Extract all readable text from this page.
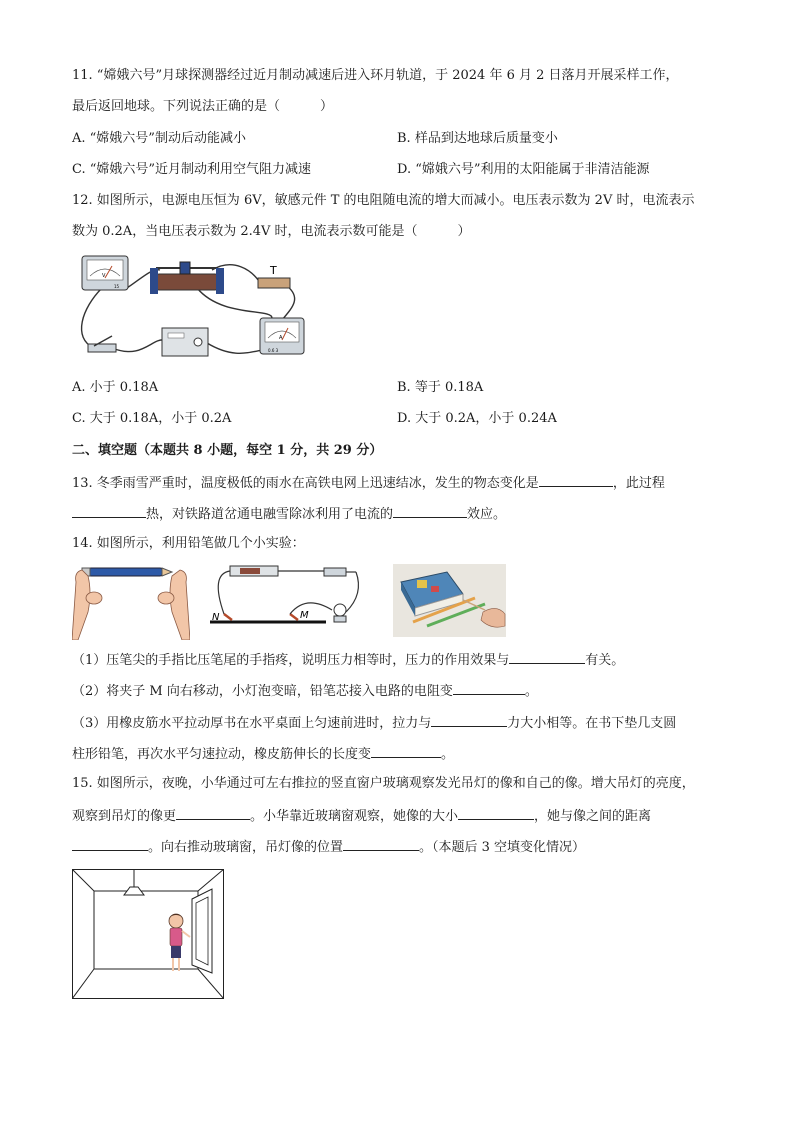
11. “嫦娥六号”月球探测器经过近月制动减速后进入环月轨道，于 2024 年 6 月 2 日落月开展采样工作，
最后返回地球。下列说法正确的是（	）
A. “嫦娥六号”制动后动能减小	B. 样品到达地球后质量变小
C. “嫦娥六号”近月制动利用空气阻力减速	D. “嫦娥六号”利用的太阳能属于非清洁能源
12. 如图所示，电源电压恒为 6V，敏感元件 T 的电阻随电流的增大而减小。电压表示数为 2V 时，电流表示
数为 0.2A，当电压表示数为 2.4V 时，电流表示数可能是（	）
V
15
T
A
0.6 3
A. 小于 0.18A	B. 等于 0.18A
C. 大于 0.18A，小于 0.2A	D. 大于 0.2A，小于 0.24A
二、填空题（本题共 8 小题，每空 1 分，共 29 分）
13. 冬季雨雪严重时，温度极低的雨水在高铁电网上迅速结冰，发生的物态变化是	，此过程
热，对铁路道岔通电融雪除冰利用了电流的	效应。
14. 如图所示，利用铅笔做几个小实验：
N	M
（1）压笔尖的手指比压笔尾的手指疼，说明压力相等时，压力的作用效果与	有关。
（2）将夹子 M 向右移动，小灯泡变暗，铅笔芯接入电路的电阻变	。
（3）用橡皮筋水平拉动厚书在水平桌面上匀速前进时，拉力与	力大小相等。在书下垫几支圆
柱形铅笔，再次水平匀速拉动，橡皮筋伸长的长度变	。
15. 如图所示，夜晚，小华通过可左右推拉的竖直窗户玻璃观察发光吊灯的像和自己的像。增大吊灯的亮度，
观察到吊灯的像更	。小华靠近玻璃窗观察，她像的大小	，她与像之间的距离
。向右推动玻璃窗，吊灯像的位置	。（本题后 3 空填变化情况）
